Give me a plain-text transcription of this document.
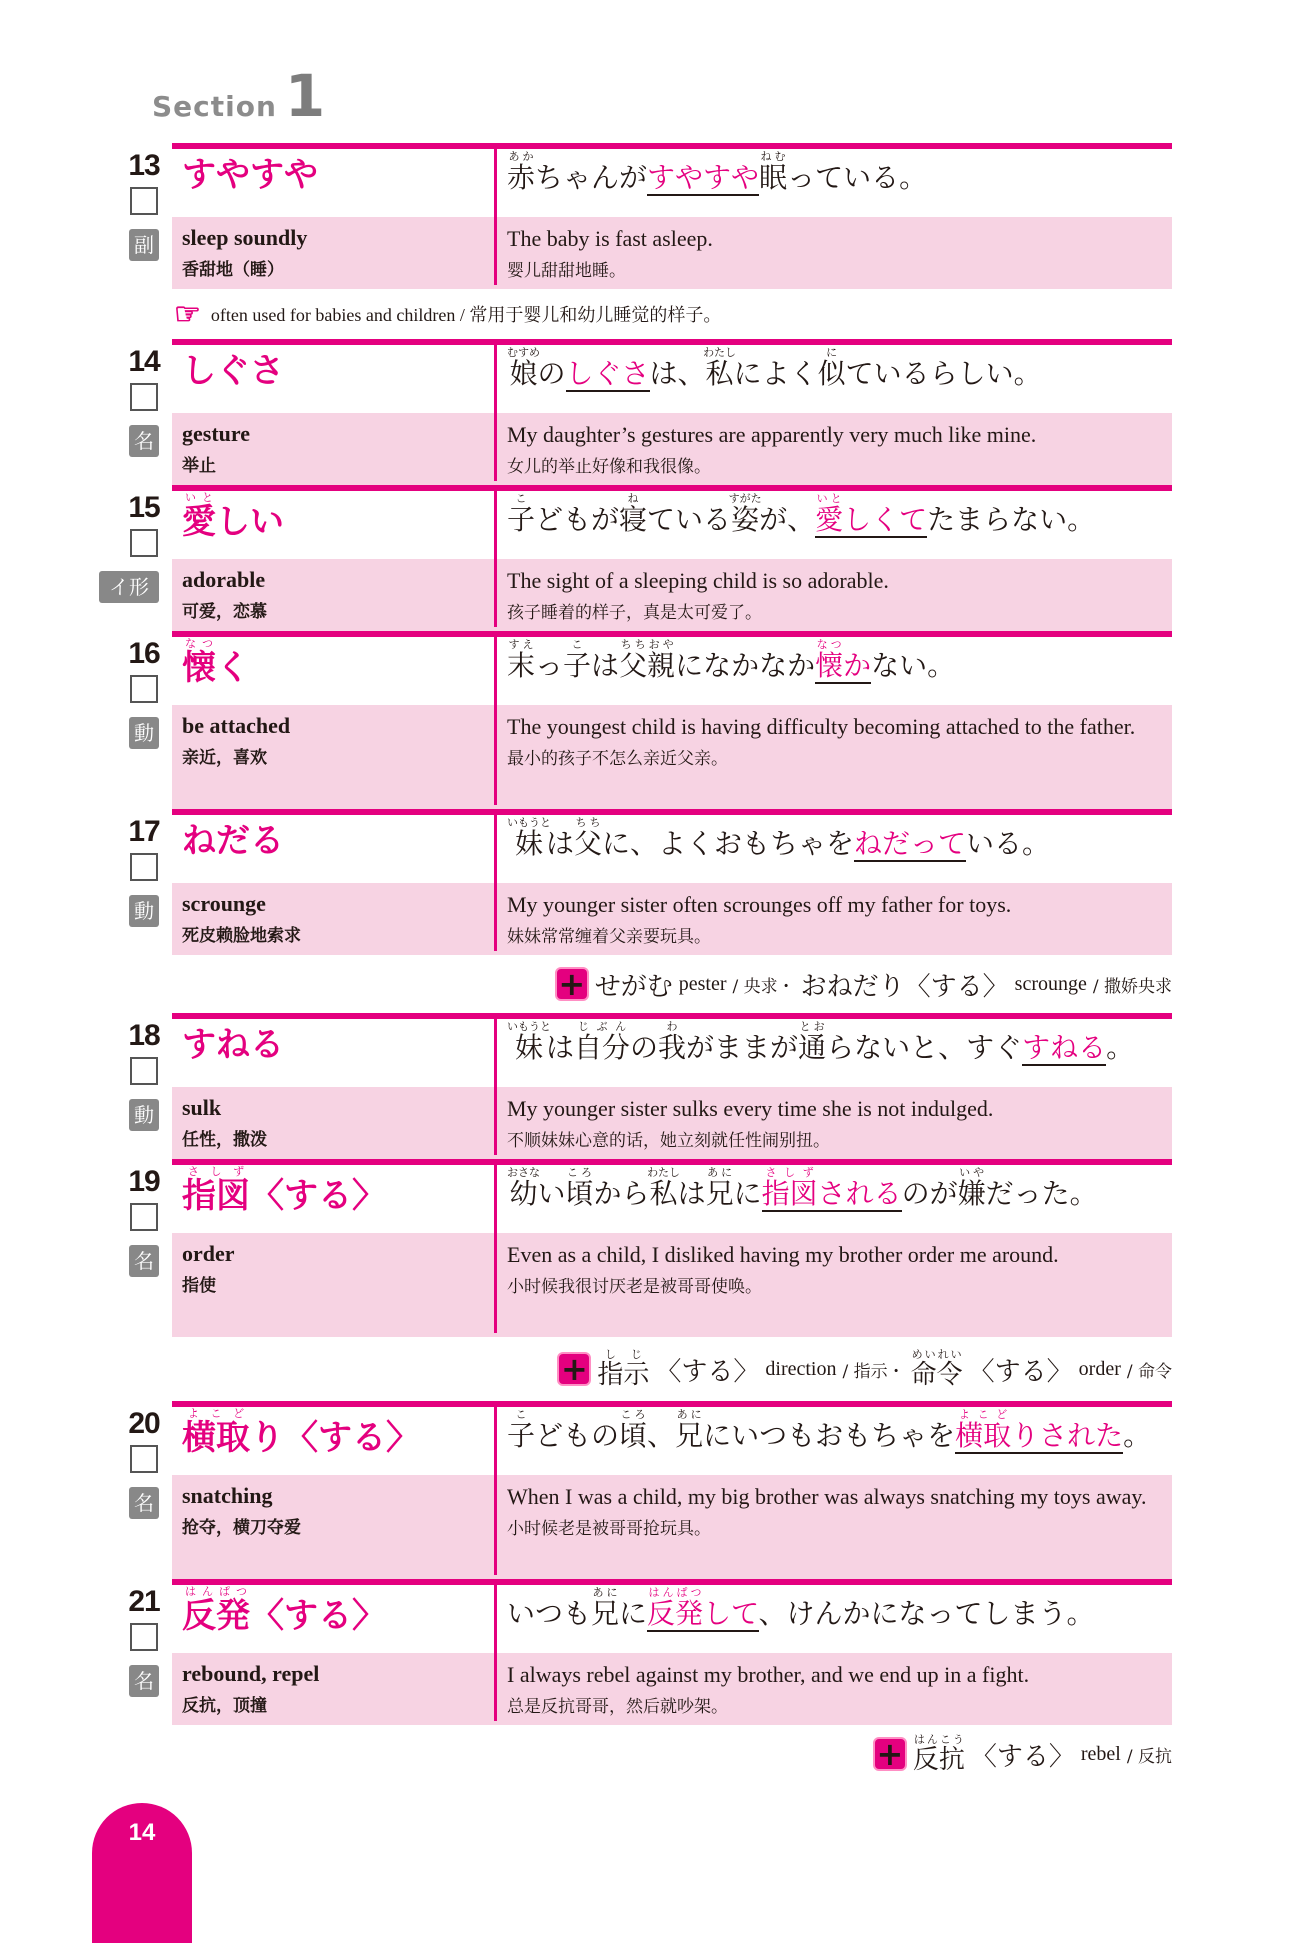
Section 1
13
副
すやすや	赤あかちゃんがすやすや眠ねむっている。
sleep soundly
香甜地（睡）
The baby is fast asleep.
婴儿甜甜地睡。
☞ often used for babies and children / 常用于婴儿和幼儿睡觉的样子。
14
名
しぐさ	娘むすめのしぐさは、私わたしによく似にているらしい。
gesture
举止
My daughter’s gestures are apparently very much like mine.
女儿的举止好像和我很像。
15
イ形
愛いとしい	子こどもが寝ねている姿すがたが、愛いとしくてたまらない。
adorable
可爱，恋慕
The sight of a sleeping child is so adorable.
孩子睡着的样子，真是太可爱了。
16
動
懐なつく	末すえっ子こは父親ちちおやになかなか懐なつかない。
be attached
亲近，喜欢
The youngest child is having difficulty becoming attached to the father.
最小的孩子不怎么亲近父亲。
17
動
ねだる	妹いもうとは父ちちに、よくおもちゃをねだっている。
scrounge
死皮赖脸地索求
My younger sister often scrounges off my father for toys.
妹妹常常缠着父亲要玩具。
+ せがむ pester / 央求・ おねだり〈する〉 scrounge / 撒娇央求
18
動
すねる	妹いもうとは自分じぶんの我わがままが通とおらないと、すぐすねる。
sulk
任性，撒泼
My younger sister sulks every time she is not indulged.
不顺妹妹心意的话，她立刻就任性闹别扭。
19
名
指図さしず〈する〉	幼おさない頃ころから私わたしは兄あにに指図さしずされるのが嫌いやだった。
order
指使
Even as a child, I disliked having my brother order me around.
小时候我很讨厌老是被哥哥使唤。
+ 指示しじ
〈する〉 direction / 指示・ 命令めいれい
〈する〉 order / 命令
20
名
横取よこどり〈する〉	子こどもの頃ころ、兄あににいつもおもちゃを横取よこどりされた。
snatching
抢夺，横刀夺爱
When I was a child, my big brother was always snatching my toys away.
小时候老是被哥哥抢玩具。
21
名
反発はんぱつ〈する〉	いつも兄あにに反発はんぱつして、けんかになってしまう。
rebound, repel
反抗，顶撞
I always rebel against my brother, and we end up in a fight.
总是反抗哥哥，然后就吵架。
+ 反抗はんこう
〈する〉 rebel / 反抗
14
